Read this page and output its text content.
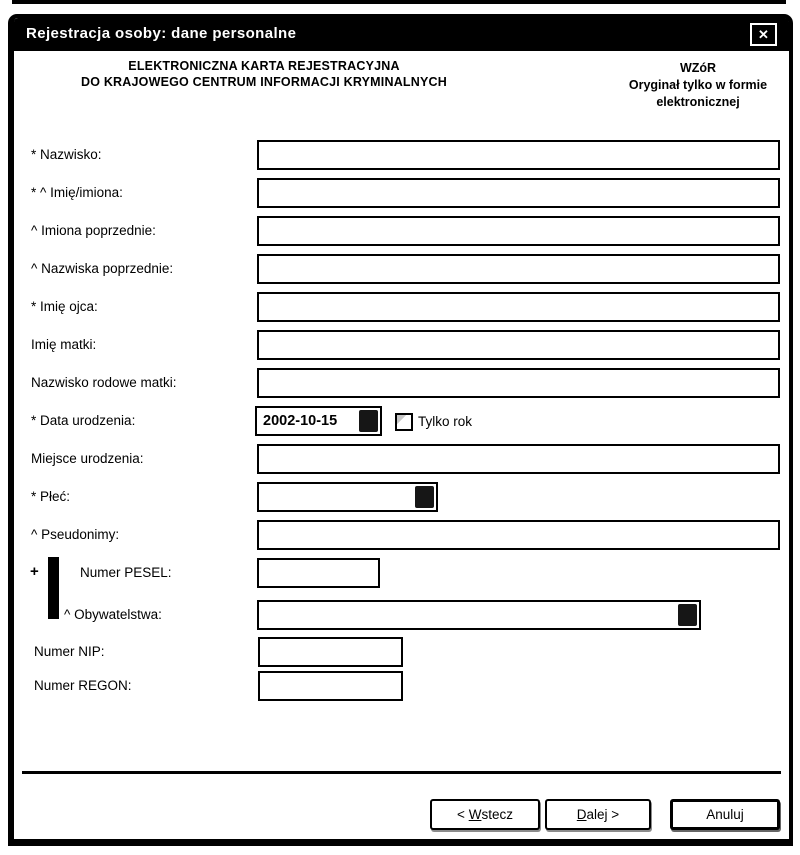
Rejestracja osoby: dane personalne	✕
ELEKTRONICZNA KARTA REJESTRACYJNA
DO KRAJOWEGO CENTRUM INFORMACJI KRYMINALNYCH
WZóR
Oryginał tylko w formie
elektronicznej
* Nazwisko:
* ^ Imię/imiona:
^ Imiona poprzednie:
^ Nazwiska poprzednie:
* Imię ojca:
Imię matki:
Nazwisko rodowe matki:
* Data urodzenia:	2002-10-15	Tylko rok
Miejsce urodzenia:
* Płeć:
^ Pseudonimy:
+	Numer PESEL:
^ Obywatelstwa:
Numer NIP:
Numer REGON:
< Wstecz	Dalej >	Anuluj
